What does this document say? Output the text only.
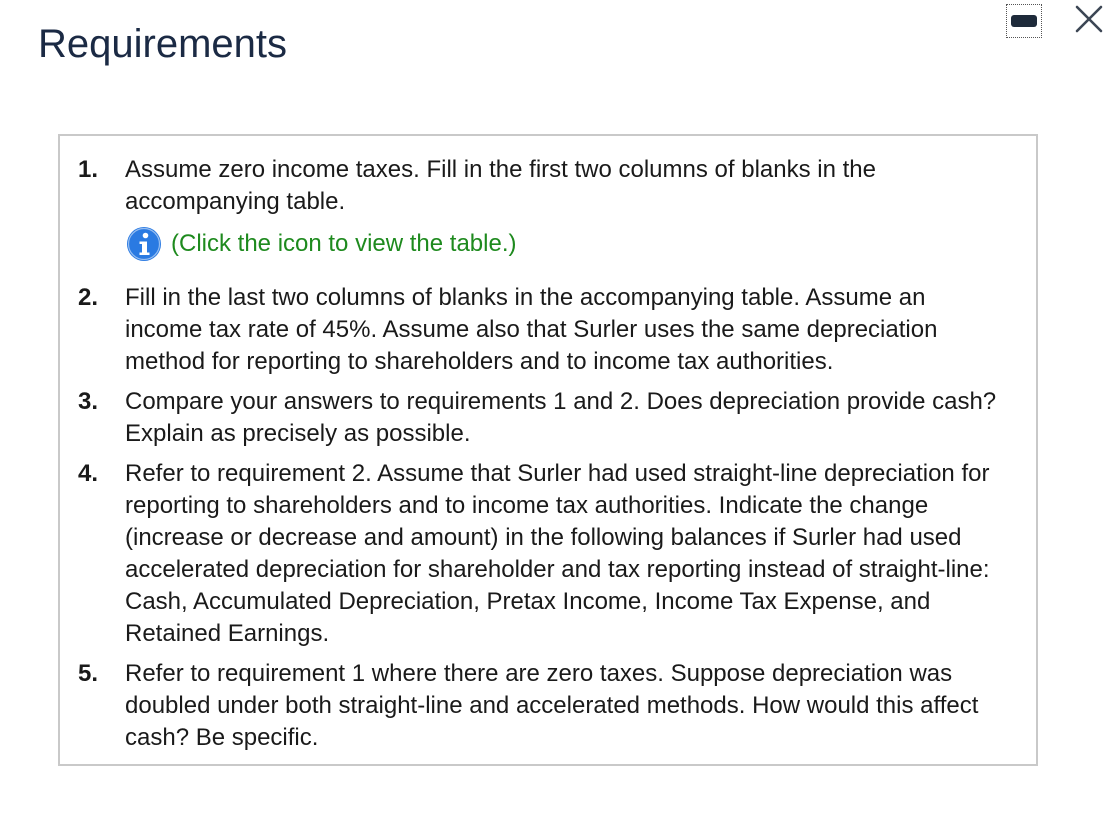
Requirements
1.	Assume zero income taxes. Fill in the first two columns of blanks in the accompanying table.
(Click the icon to view the table.)
2.	Fill in the last two columns of blanks in the accompanying table. Assume an income tax rate of 45%. Assume also that Surler uses the same depreciation method for reporting to shareholders and to income tax authorities.
3.	Compare your answers to requirements 1 and 2. Does depreciation provide cash? Explain as precisely as possible.
4.	Refer to requirement 2. Assume that Surler had used straight-line depreciation for reporting to shareholders and to income tax authorities. Indicate the change (increase or decrease and amount) in the following balances if Surler had used accelerated depreciation for shareholder and tax reporting instead of straight-line: Cash, Accumulated Depreciation, Pretax Income, Income Tax Expense, and Retained Earnings.
5.	Refer to requirement 1 where there are zero taxes. Suppose depreciation was doubled under both straight-line and accelerated methods. How would this affect cash? Be specific.
